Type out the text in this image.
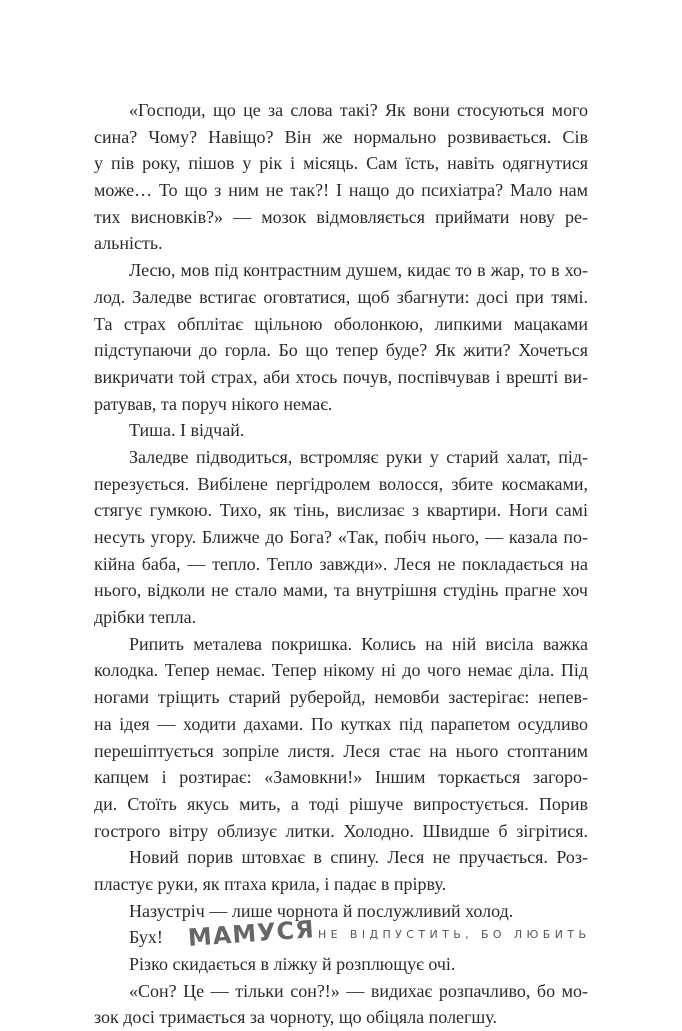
«Господи, що це за слова такі? Як вони стосуються мого
сина? Чому? Навіщо? Він же нормально розвивається. Сів
у пів року, пішов у рік і місяць. Сам їсть, навіть одягнутися
може… То що з ним не так?! І нащо до психіатра? Мало нам
тих висновків?» — мозок відмовляється приймати нову ре-
альність.
Лесю, мов під контрастним душем, кидає то в жар, то в хо-
лод. Заледве встигає оговтатися, щоб збагнути: досі при тямі.
Та страх обплітає щільною оболонкою, липкими мацаками
підступаючи до горла. Бо що тепер буде? Як жити? Хочеться
викричати той страх, аби хтось почув, поспівчував і врешті ви-
ратував, та поруч нікого немає.
Тиша. І відчай.
Заледве підводиться, встромляє руки у старий халат, під-
перезується. Вибілене пергідролем волосся, збите космаками,
стягує гумкою. Тихо, як тінь, вислизає з квартири. Ноги самі
несуть угору. Ближче до Бога? «Так, побіч нього, — казала по-
кійна баба, — тепло. Тепло завжди». Леся не покладається на
нього, відколи не стало мами, та внутрішня студінь прагне хоч
дрібки тепла.
Рипить металева покришка. Колись на ній висіла важка
колодка. Тепер немає. Тепер нікому ні до чого немає діла. Під
ногами тріщить старий руберойд, немовби застерігає: непев-
на ідея — ходити дахами. По кутках під парапетом осудливо
перешіптується зопріле листя. Леся стає на нього стоптаним
капцем і розтирає: «Замовкни!» Іншим торкається загоро-
ди. Стоїть якусь мить, а тоді рішуче випростується. Порив
гострого вітру облизує литки. Холодно. Швидше б зігрітися.
Новий порив штовхає в спину. Леся не пручається. Роз-
пластує руки, як птаха крила, і падає в прірву.
Назустріч — лише чорнота й послужливий холод.
Бух!
Різко скидається в ліжку й розплющує очі.
«Сон? Це — тільки сон?!» — видихає розпачливо, бо мо-
зок досі тримається за чорноту, що обіцяла полегшу.
МАМУСЯ НЕ ВІДПУСТИТЬ, БО ЛЮБИТЬ
